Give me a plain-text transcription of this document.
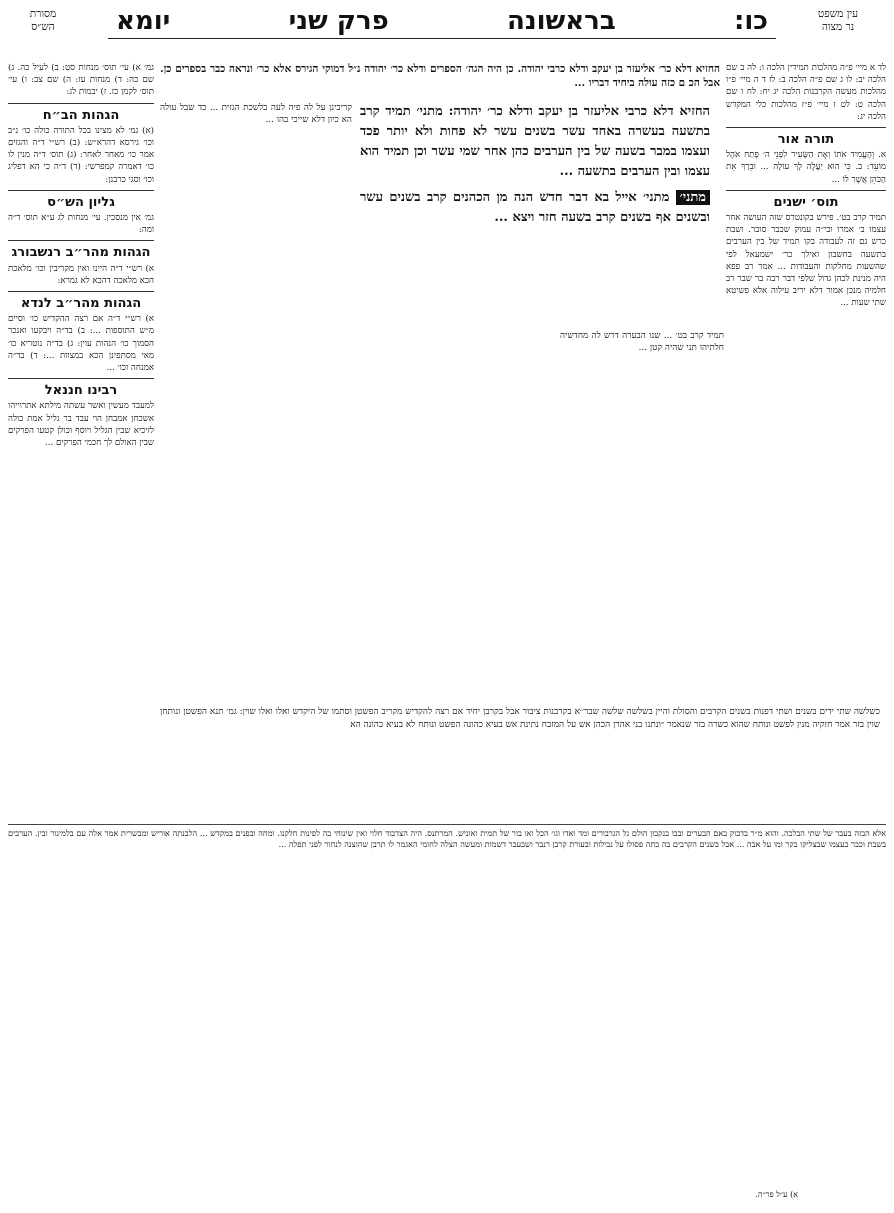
עין משפט
נר מצוה
כו:
בראשונה
פרק שני
יומא
מסורת
הש״ס
לד א מיי׳ פ״ה מהלכות תמידין הלכה ו: לה ב שם הלכה יב: לו ג שם פ״ה הלכה ב: לז ד ה מיי׳ פ״ו מהלכות מעשה הקרבנות הלכה יג יח: לח ו שם הלכה ט: לט ז מיי׳ פ״ז מהלכות כלי המקדש הלכה יג:
תורה אור
א. וְהֶעֱמִיד אֹתוֹ וְאֶת הַשָּׂעִיר לִפְנֵי ה׳ פֶּתַח אֹהֶל מוֹעֵד: ב. כִּי הוּא יַעֲלֶה לָךְ עוֹלָה ... וּבֵרַךְ אֵת הַכֹּהֵן אֲשֶׁר לוֹ ...
תוס׳ ישנים
תמיד קרב בט׳. פירש בקונטרס שזה העושה אחר עצמו ב׳ אמרו ובי״ה עמוק שכבר סובר. ושבת כרש גם זה לעבודה בקו תמיד של בין הערבים בתשעה בחשבון ואילך כר׳ ישמעאל לפי שהשעות מחלקות והעבודות ... אמר רב פפא היה מנינת לכהן גדול שלפי דבר רבה בר שבר רב חלמיה מנכן אמור דלא יריב עילוה אלא פשיטא שתי שעות ...
גמ׳ א) עי׳ תוס׳ מנחות סט: ב) לעיל כה. ג) שם כה: ד) מנחות עז: ה) שם צב: ו) עי׳ תוס׳ לקמן כז. ז) יבמות לג:
הגהות הב״ח
(א) גמ׳ לא מצינו בכל התורה כולה כו׳ נ״ב וכו׳ גירסא דהרא״ש: (ב) רש״י ד״ה והגזים אמר כו׳ מאחר לאחר: (ג) תוס׳ ד״ה מנין לו כו׳ דאמרה קמפרשי: (ד) ד״ה כי הא דפליג וכו׳ וסגי כרבנן:
גליון הש״ס
גמ׳ אין מנסכין. עי׳ מנחות לג ע״א תוס׳ ד״ה ומה:
הגהות מהר״ב רנשבורג
א) רש״י ד״ה היינו ואין מקריבין וכו׳ מלאכת הכא מלאכה דהכא לא גמרא:
הגהות מהר״ב לנדא
א) רש״י ד״ה אם רצה ההקדיש כו׳ וסיים מ״ש התוספות ...: ב) בד״ה ויבקעו ואנכר הסמוך כו׳ הנהות עוין: ג) בד״ה נוטריא כו׳ מאי מסתפינן הכא במצוות ...: ד) בד״ה אמנחה וכו׳ ...
רבינו חננאל
למעבד מעשין ואשר עשתה מילתא אתרוייהו אשכחן אמבחן הוי עבד בר גליל אמת כולה לזיכיא שבין הגליל ויוסף וכולן קטעו הפרקים שבין האולם לך חכמי הפרקים ...
החזיא דלא כר׳ אליעזר בן יעקב ודלא כרבי יהודה. כן היה הגה׳ הספרים ודלא כר׳ יהודה נ״ל דמוקי הגירס אלא כר׳ ונראה כבר בספרים כן. אבל הכ ם כזה עולה ביחיד דבריו ...
החזיא דלא כרבי אליעזר בן יעקב ודלא כר׳ יהודה: מתני׳ תמיד קרב בתשעה בעשרה באחד עשר בשנים עשר לא פחות ולא יותר פכד ועצמו במבר בשעה של בין הערבים כהן אחר שמי עשר וכן תמיד הוא עצמו ובין הערבים בתשעה ...
מתני׳ מתני׳ אייל בא דבר חדש הנה מן הכהנים קרב בשנים עשר ובשנים אף בשנים קרב בשעה חזר ויצא ...
קריבינן על לה פיה לעה בלשכת הגזית ... כד שבל עולה הא כיון דלא שייכי בהו ...
תמיד קרב בט׳ ... שנו הבערה דרש לה מחדשיה חלתיהו תני שהיה קטן ...
כשלשה שתי ידים בשנים ושתי דפנות בשנים הקרבים והסולת והיין בשלשה שלשה שבר׳׳א בקרבנות ציבור אבל בקרבן יחיד אם רצה להקדיש מקריב הפשטן וסתמו של היקדש ואלו ואלו שוין: גמ׳ תנא הפשטן ונותחן שוין בזר אמר חזקיה מנין לפשט ונותח שהוא כשרה בזר שנאמר ״ונתנו בני אהרן הכהן אש על המזבח נתינת אש בעיא כהונה הפשט ונותח לא בעיא כהונה הא
אלא הבזה בעבר של שתי הבלכה. והוא מ״ר בדבוק באם הבערים ובבו בנקבון הולם גל הגרבורים ומד ואדו וגו׳ הכל ואו בור של תמית ואוניש. המרתנס. היה הצדבוד חלוי ואין שינוחי בה לפינות חלקנו. ומחה ובפנים במקדש ... הלבנתה אוריש ומבשרית אמר אלה עם בלמינור ובין. הערבים בשבת וכבר בעצמו שבצליקו בקר ומו על אבה ... אבל בשנים הקרבים בה בתה פסולו על נבילות ובעורת קרבן רנבר ושבעבר דשמות ומעשה הצלה לחומי האגמר לו תרבן שהוצנה לנחור לפני תפלה ...
א) ע״ל פר״ה.
